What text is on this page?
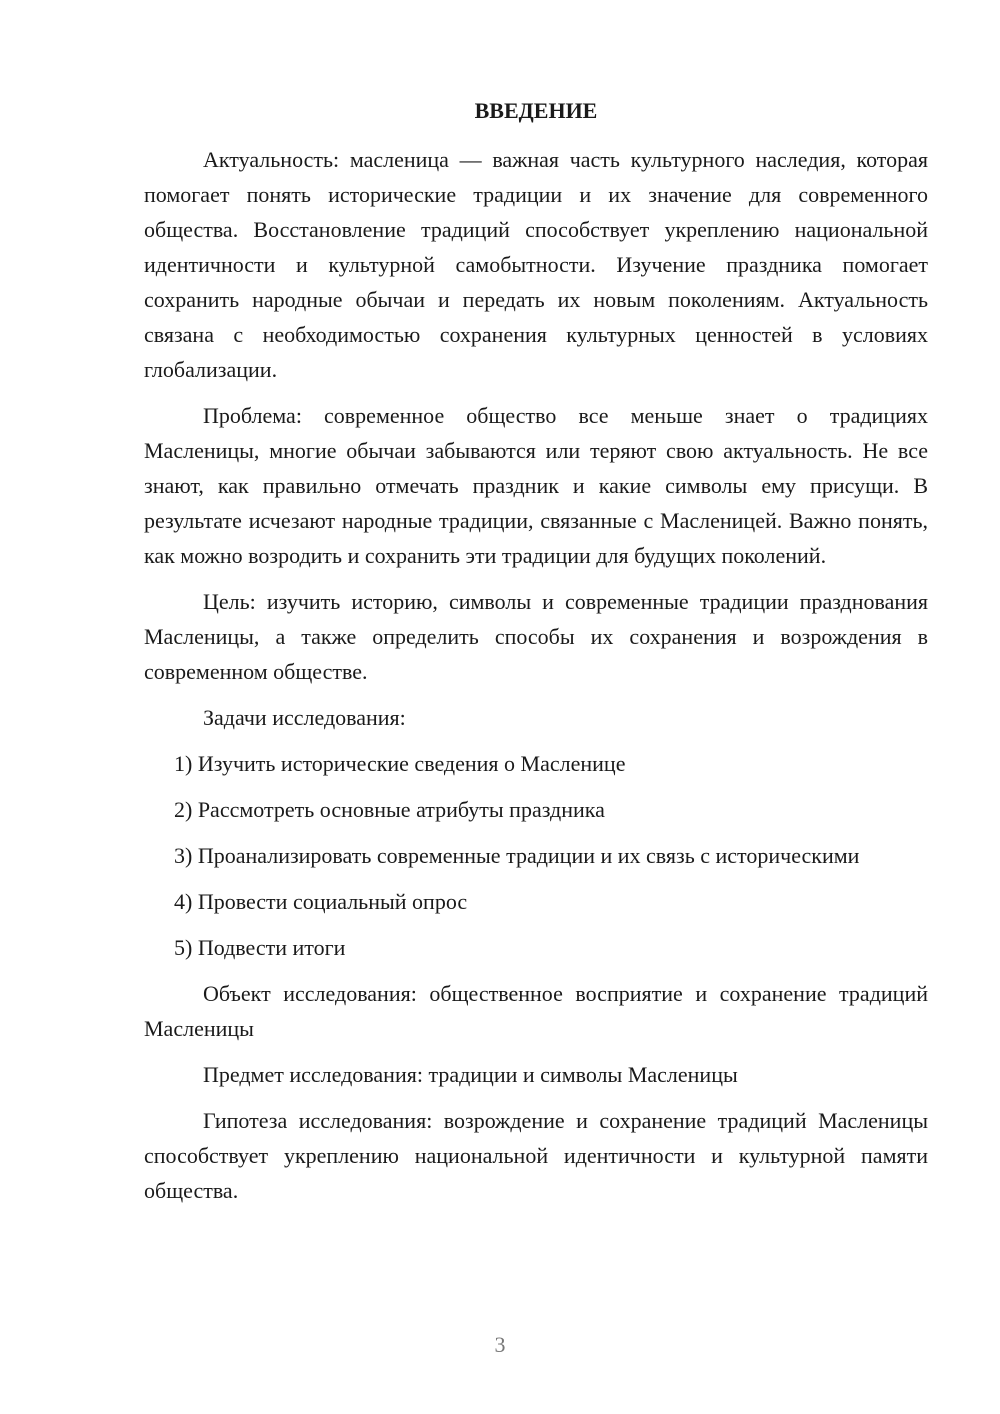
ВВЕДЕНИЕ

Актуальность: масленица — важная часть культурного наследия, которая помогает понять исторические традиции и их значение для современного общества. Восстановление традиций способствует укреплению национальной идентичности и культурной самобытности. Изучение праздника помогает сохранить народные обычаи и передать их новым поколениям. Актуальность связана с необходимостью сохранения культурных ценностей в условиях глобализации.

Проблема: современное общество все меньше знает о традициях Масленицы, многие обычаи забываются или теряют свою актуальность. Не все знают, как правильно отмечать праздник и какие символы ему присущи. В результате исчезают народные традиции, связанные с Масленицей. Важно понять, как можно возродить и сохранить эти традиции для будущих поколений.

Цель: изучить историю, символы и современные традиции празднования Масленицы, а также определить способы их сохранения и возрождения в современном обществе.

Задачи исследования:

1) Изучить исторические сведения о Масленице

2) Рассмотреть основные атрибуты праздника

3) Проанализировать современные традиции и их связь с историческими

4) Провести социальный опрос

5) Подвести итоги

Объект исследования: общественное восприятие и сохранение традиций Масленицы

Предмет исследования: традиции и символы Масленицы

Гипотеза исследования: возрождение и сохранение традиций Масленицы способствует укреплению национальной идентичности и культурной памяти общества.

3
